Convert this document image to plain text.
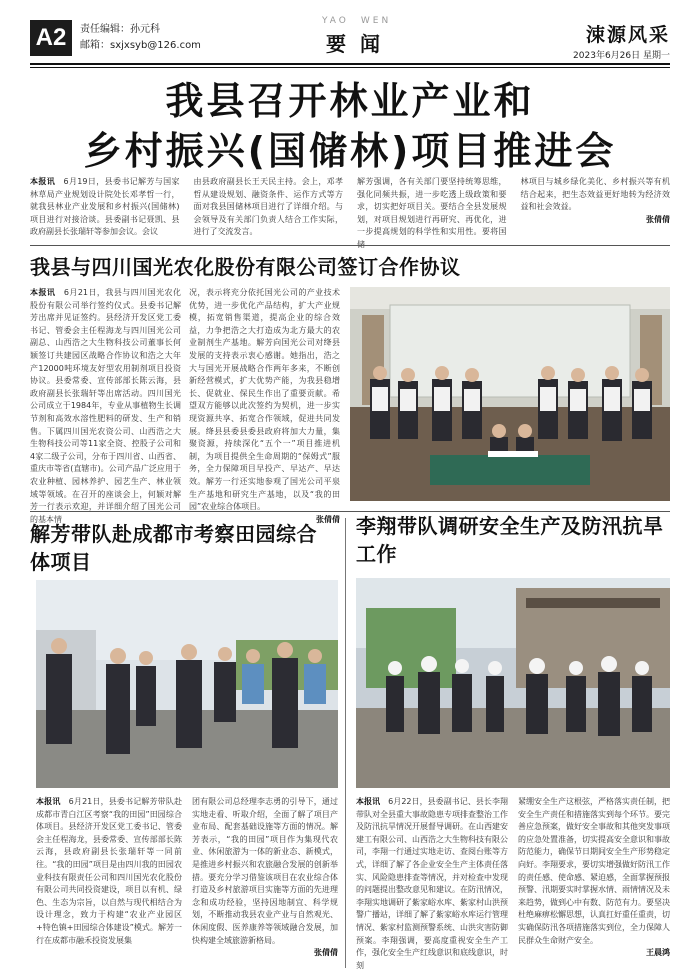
A2	责任编辑：孙元科
邮箱：sxjxsyb@126.com
YAO WEN
要闻	涑源风采
2023年6月26日 星期一
我县召开林业产业和
乡村振兴(国储林)项目推进会
本报讯　 6月19日，县委书记解芳与国家林草局产业规划设计院处长邓孝哲一行，就我县林业产业发展和乡村振兴(国储林)项目进行对接洽谈。县委副书记聂凯、县政府副县长张瑞轩等参加会议。会议
由县政府副县长王天民主持。会上，邓孝哲从建设规划、融资条件、运作方式等方面对我县国储林项目进行了详细介绍。与会领导及有关部门负责人结合工作实际，进行了交流发言。
解芳强调，各有关部门要坚持统筹思维，强化同频共振，进一步吃透上级政策和要求，切实把好项目关。要结合全县发展规划，对项目规划进行再研究、再优化，进一步提高规划的科学性和实用性。要将国
林项目与城乡绿化美化、乡村振兴等有机结合起来，把生态效益更好地转为经济效益和社会效益。
张倩倩
我县与四川国光农化股份有限公司签订合作协议
本报讯　 6月21日，我县与四川国光农化股份有限公司举行签约仪式。县委书记解芳出席并见证签约。县经济开发区党工委书记、管委会主任程海龙与四川国光公司副总、山西浩之大生物科技公司董事长何颖签订共建园区战略合作协议和浩之大年产12000吨环境友好型农用制剂项目投资协议。县委常委、宣传部部长陈云海，县政府副县长张瑞轩等出席活动。四川国光公司成立于1984年，专业从事植物生长调节剂和高效水溶性肥料的研发、生产和销售。下属四川国光农资公司、山西浩之大生物科技公司等11家全资、控股子公司和4家二级子公司，分布于四川省、山西省、重庆市等省(直辖市)。公司产品广泛应用于农业种植、园林养护、园艺生产、林业领域等领域。在召开的座谈会上，何颖对解芳一行表示欢迎，并详细介绍了国光公司的基本情
况，表示将充分依托国光公司的产业技术优势，进一步优化产品结构，扩大产业规模，拓宽销售渠道，提高企业的综合效益，力争把浩之大打造成为北方最大的农业制剂生产基地。解芳向国光公司对绛县发展的支持表示衷心感谢。她指出，浩之大与国光开展战略合作两年多来，不断创新经营模式，扩大优势产能，为我县稳增长、促就业、保民生作出了重要贡献。希望双方能够以此次签约为契机，进一步实现资源共享、拓宽合作领域，促进共同发展。绛县县委县委县政府将加大力量，集聚资源，持续深化“五个一”项目推进机制，为项目提供全生命周期的“保姆式”服务，全力保障项目早投产、早达产、早达效。解芳一行还实地参观了国光公司平泉生产基地和研究生产基地，以及“我的田园”农业综合体项目。
张倩倩
解芳带队赴成都市考察田园综合体项目
本报讯　 6月21日，县委书记解芳带队赴成都市青白江区考察“我的田园”田园综合体项目。县经济开发区党工委书记、管委会主任程海龙，县委常委、宣传部部长陈云海，县政府副县长张瑞轩等一同前往。“我的田园”项目是由四川我的田园农业科技有限责任公司和四川国光农化股份有限公司共同投资建设，项目以有机、绿色、生态为宗旨，以自然与现代相结合为设计理念，致力于构建“农业产业园区+特色镇+田园综合体建设”模式。解芳一行在成都市融禾投资发展集
团有限公司总经理李志勇的引导下，通过实地走看、听取介绍，全面了解了项目产业布局、配套基础设施等方面的情况。解芳表示，“我的田园”项目作为集现代农业、休闲旅游为一体的新业态、新模式，是推进乡村振兴和农旅融合发展的创新举措。要充分学习借鉴该项目在农业综合体打造及乡村旅游项目实施等方面的先进理念和成功经验，坚持因地制宜、科学规划，不断推动我县农业产业与自然观光、休闲度假、医养康养等领域融合发展，加快构建全域旅游新格局。
张倩倩
李翔带队调研安全生产及防汛抗旱工作
本报讯　 6月22日，县委副书记、县长李翔带队对全县重大事故隐患专项排查整治工作及防汛抗旱情况开展督导调研。在山西建安建工有限公司、山西浩之大生物科技有限公司，李翔一行通过实地走访、查阅台账等方式，详细了解了各企业安全生产主体责任落实、风险隐患排查等情况，并对检查中发现的问题提出整改意见和建议。在防汛情况，李翔实地调研了紫家峪水库、紫家村山洪预警广播站，详细了解了紫家峪水库运行管理情况、紫家村监测预警系统、山洪灾害防御预案。李翔强调，要高度重视安全生产工作，强化安全生产红线意识和底线意识，时刻
紧绷安全生产这根弦，严格落实责任制，把安全生产责任和措施落实到每个环节。要完善应急预案，做好安全事故和其他突发事项的应急处置准备，切实提高安全意识和事故防范能力，确保节日期间安全生产形势稳定向好。李翔要求，要切实增强做好防汛工作的责任感、使命感、紧迫感，全面掌握预报预警、汛期要实时掌握水情、雨情情况及未来趋势，做到心中有数、防范有力。要坚决杜绝麻痹松懈思想，认真扛好重任重责，切实确保防汛各项措施落实到位，全力保障人民群众生命财产安全。
王晨鸿
